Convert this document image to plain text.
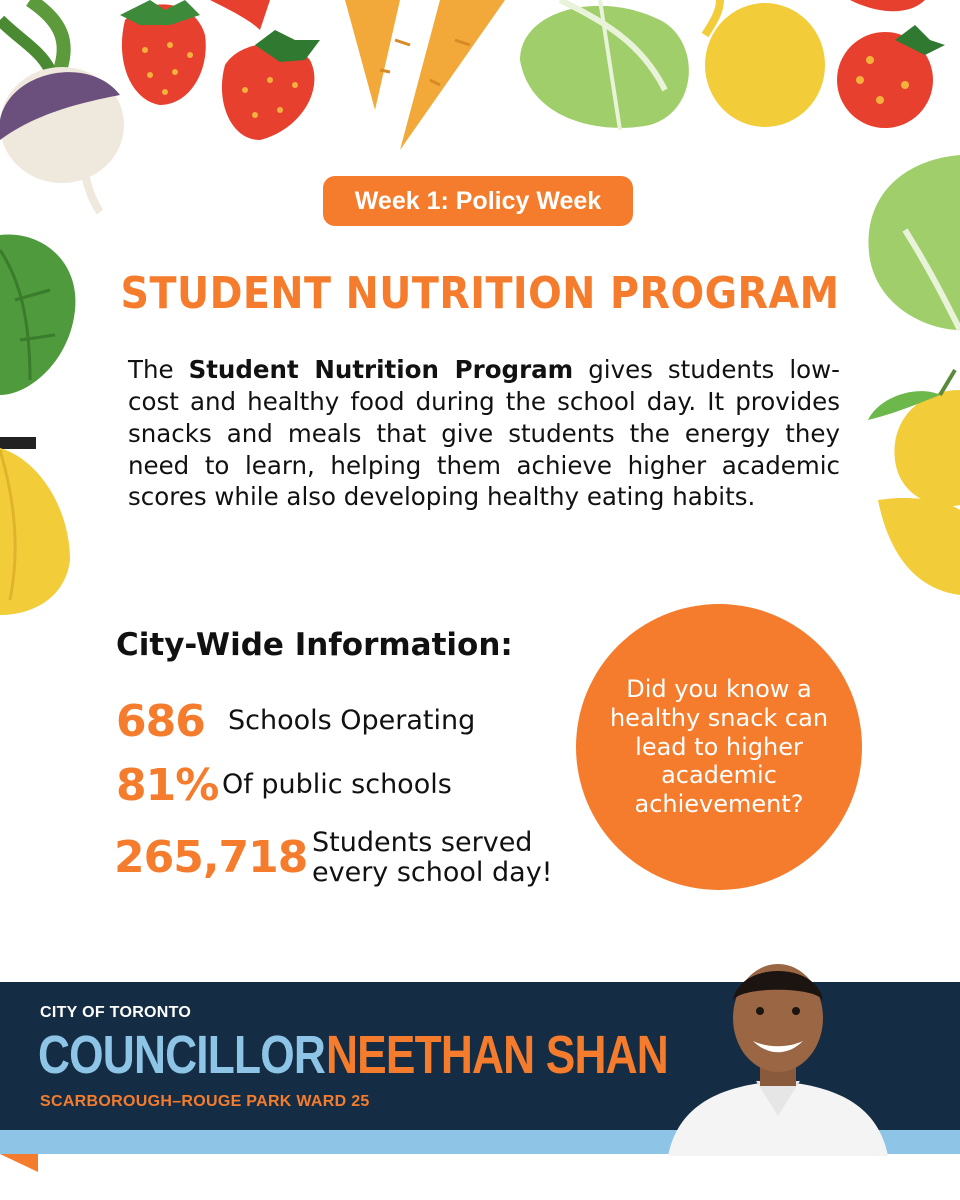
Week 1: Policy Week
STUDENT NUTRITION PROGRAM

The Student Nutrition Program gives students low-cost and healthy food during the school day. It provides snacks and meals that give students the energy they need to learn, helping them achieve higher academic scores while also developing healthy eating habits.

City-Wide Information:
686 Schools Operating
81% Of public schools
265,718 Students served
every school day!
Did you know a healthy snack can lead to higher academic achievement?
CITY OF TORONTO
COUNCILLOR NEETHAN SHAN
SCARBOROUGH–ROUGE PARK WARD 25
